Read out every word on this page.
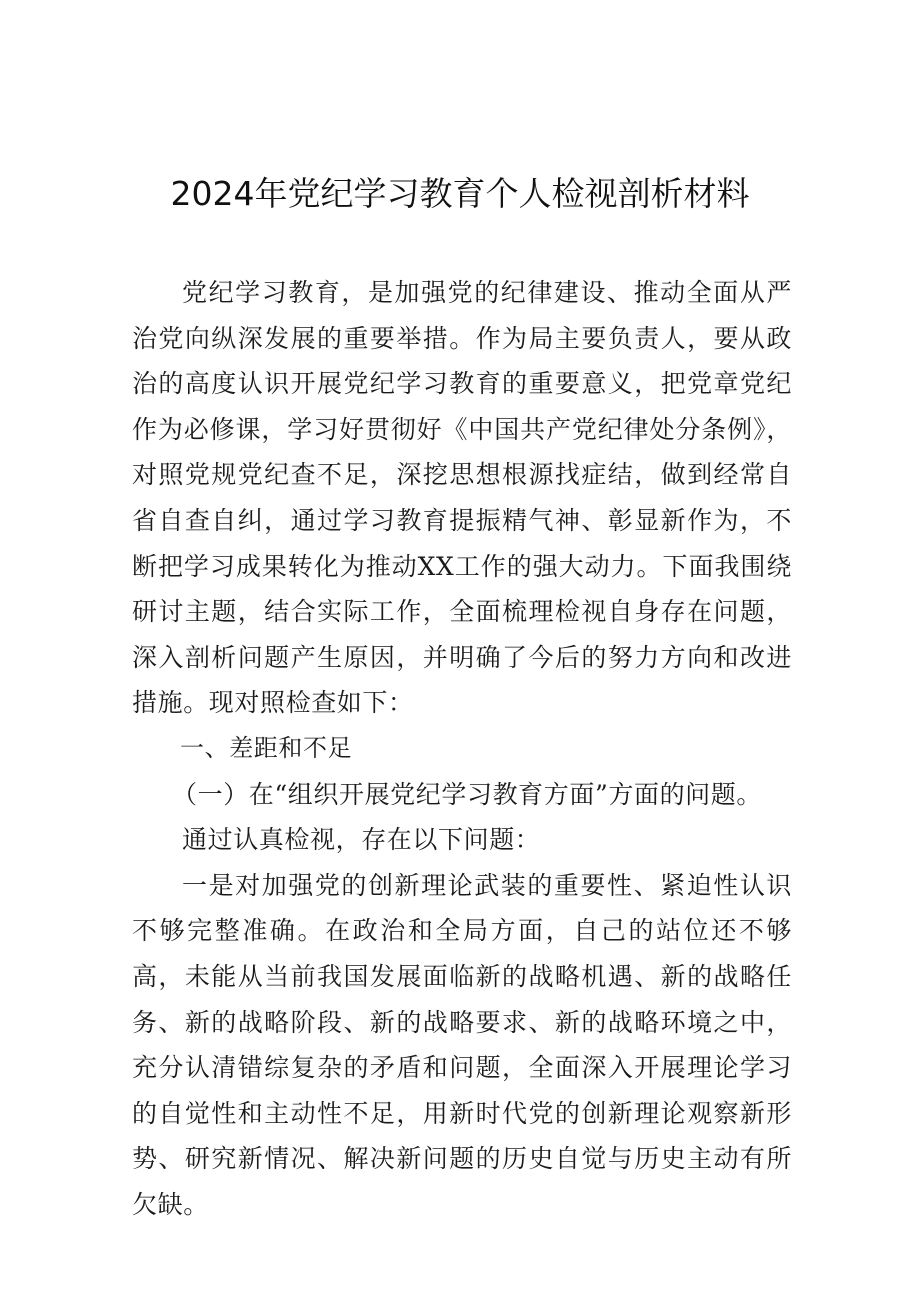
2024年党纪学习教育个人检视剖析材料

党纪学习教育，是加强党的纪律建设、推动全面从严治党向纵深发展的重要举措。作为局主要负责人，要从政治的高度认识开展党纪学习教育的重要意义，把党章党纪作为必修课，学习好贯彻好《中国共产党纪律处分条例》，对照党规党纪查不足，深挖思想根源找症结，做到经常自省自查自纠，通过学习教育提振精气神、彰显新作为，不断把学习成果转化为推动XX工作的强大动力。下面我围绕研讨主题，结合实际工作，全面梳理检视自身存在问题，深入剖析问题产生原因，并明确了今后的努力方向和改进措施。现对照检查如下：

一、差距和不足

（一）在“组织开展党纪学习教育方面”方面的问题。

通过认真检视，存在以下问题：

一是对加强党的创新理论武装的重要性、紧迫性认识不够完整准确。在政治和全局方面，自己的站位还不够高，未能从当前我国发展面临新的战略机遇、新的战略任务、新的战略阶段、新的战略要求、新的战略环境之中，充分认清错综复杂的矛盾和问题，全面深入开展理论学习的自觉性和主动性不足，用新时代党的创新理论观察新形势、研究新情况、解决新问题的历史自觉与历史主动有所欠缺。
